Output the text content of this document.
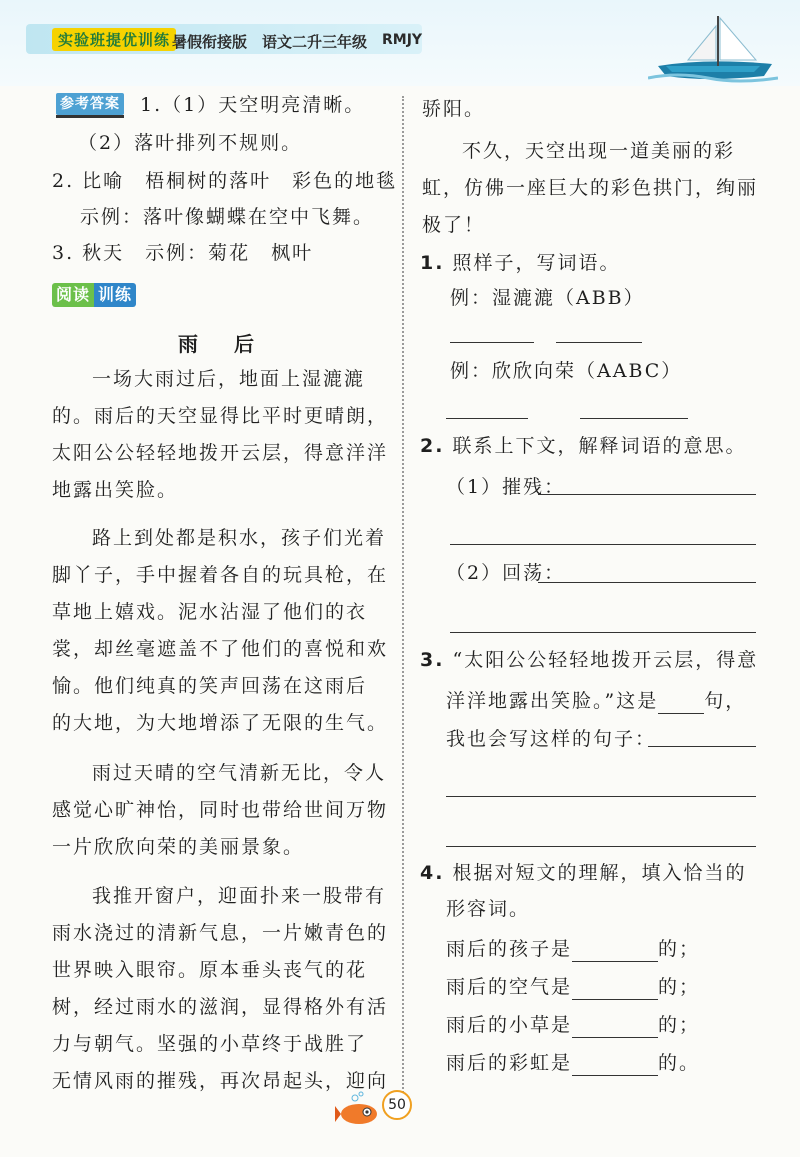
实验班提优训练 暑假衔接版 语文二升三年级 RMJY
参考答案 1.（1）天空明亮清晰。
（2）落叶排列不规则。
2. 比喻　梧桐树的落叶　彩色的地毯
示例：落叶像蝴蝶在空中飞舞。
3. 秋天　示例：菊花　枫叶
阅读 训练
雨后
一场大雨过后，地面上湿漉漉
的。雨后的天空显得比平时更晴朗，
太阳公公轻轻地拨开云层，得意洋洋
地露出笑脸。
路上到处都是积水，孩子们光着
脚丫子，手中握着各自的玩具枪，在
草地上嬉戏。泥水沾湿了他们的衣
裳，却丝毫遮盖不了他们的喜悦和欢
愉。他们纯真的笑声回荡在这雨后
的大地，为大地增添了无限的生气。
雨过天晴的空气清新无比，令人
感觉心旷神怡，同时也带给世间万物
一片欣欣向荣的美丽景象。
我推开窗户，迎面扑来一股带有
雨水浇过的清新气息，一片嫩青色的
世界映入眼帘。原本垂头丧气的花
树，经过雨水的滋润，显得格外有活
力与朝气。坚强的小草终于战胜了
无情风雨的摧残，再次昂起头，迎向
骄阳。
不久，天空出现一道美丽的彩
虹，仿佛一座巨大的彩色拱门，绚丽
极了！
1. 照样子，写词语。
例：湿漉漉（ABB）
例：欣欣向荣（AABC）
2. 联系上下文，解释词语的意思。
（1）摧残：
（2）回荡：
3. “太阳公公轻轻地拨开云层，得意
洋洋地露出笑脸。”这是 句，
我也会写这样的句子：
4. 根据对短文的理解，填入恰当的
形容词。
雨后的孩子是	的；
雨后的空气是	的；
雨后的小草是	的；
雨后的彩虹是	的。
50
